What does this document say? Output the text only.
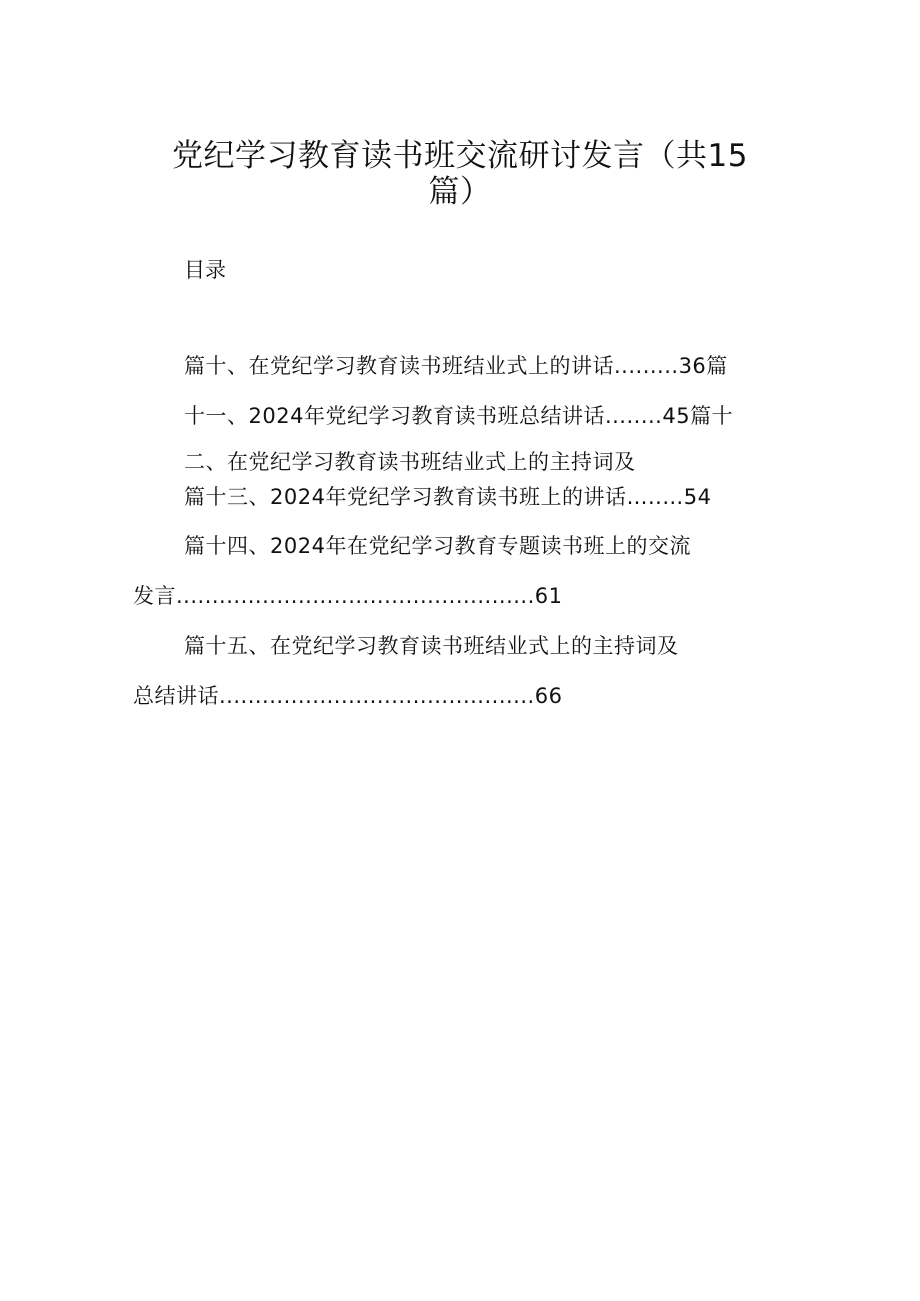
党纪学习教育读书班交流研讨发言（共15
篇）
目录
篇十、在党纪学习教育读书班结业式上的讲话.........36篇
十一、2024年党纪学习教育读书班总结讲话........45篇十
二、在党纪学习教育读书班结业式上的主持词及
篇十三、2024年党纪学习教育读书班上的讲话…..…54
篇十四、2024年在党纪学习教育专题读书班上的交流
发言..................................................61
篇十五、在党纪学习教育读书班结业式上的主持词及
总结讲话............................................66
